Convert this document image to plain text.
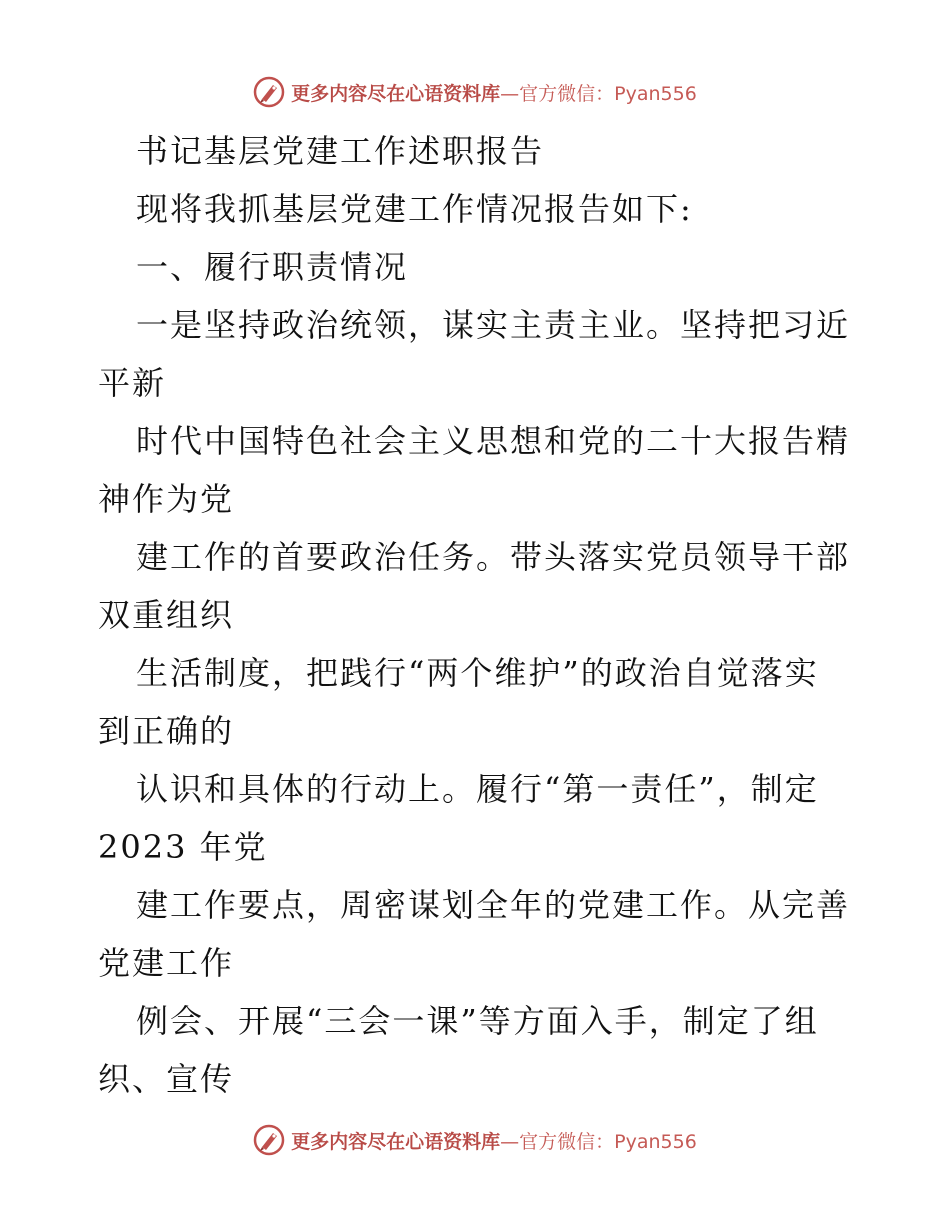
更多内容尽在心语资料库—官方微信：Pyan556
书记基层党建工作述职报告
现将我抓基层党建工作情况报告如下:
一、履行职责情况
一是坚持政治统领，谋实主责主业。坚持把习近
平新
时代中国特色社会主义思想和党的二十大报告精
神作为党
建工作的首要政治任务。带头落实党员领导干部
双重组织
生活制度，把践行“两个维护”的政治自觉落实
到正确的
认识和具体的行动上。履行“第一责任”，制定
2023 年党
建工作要点，周密谋划全年的党建工作。从完善
党建工作
例会、开展“三会一课”等方面入手，制定了组
织、宣传
更多内容尽在心语资料库—官方微信：Pyan556
